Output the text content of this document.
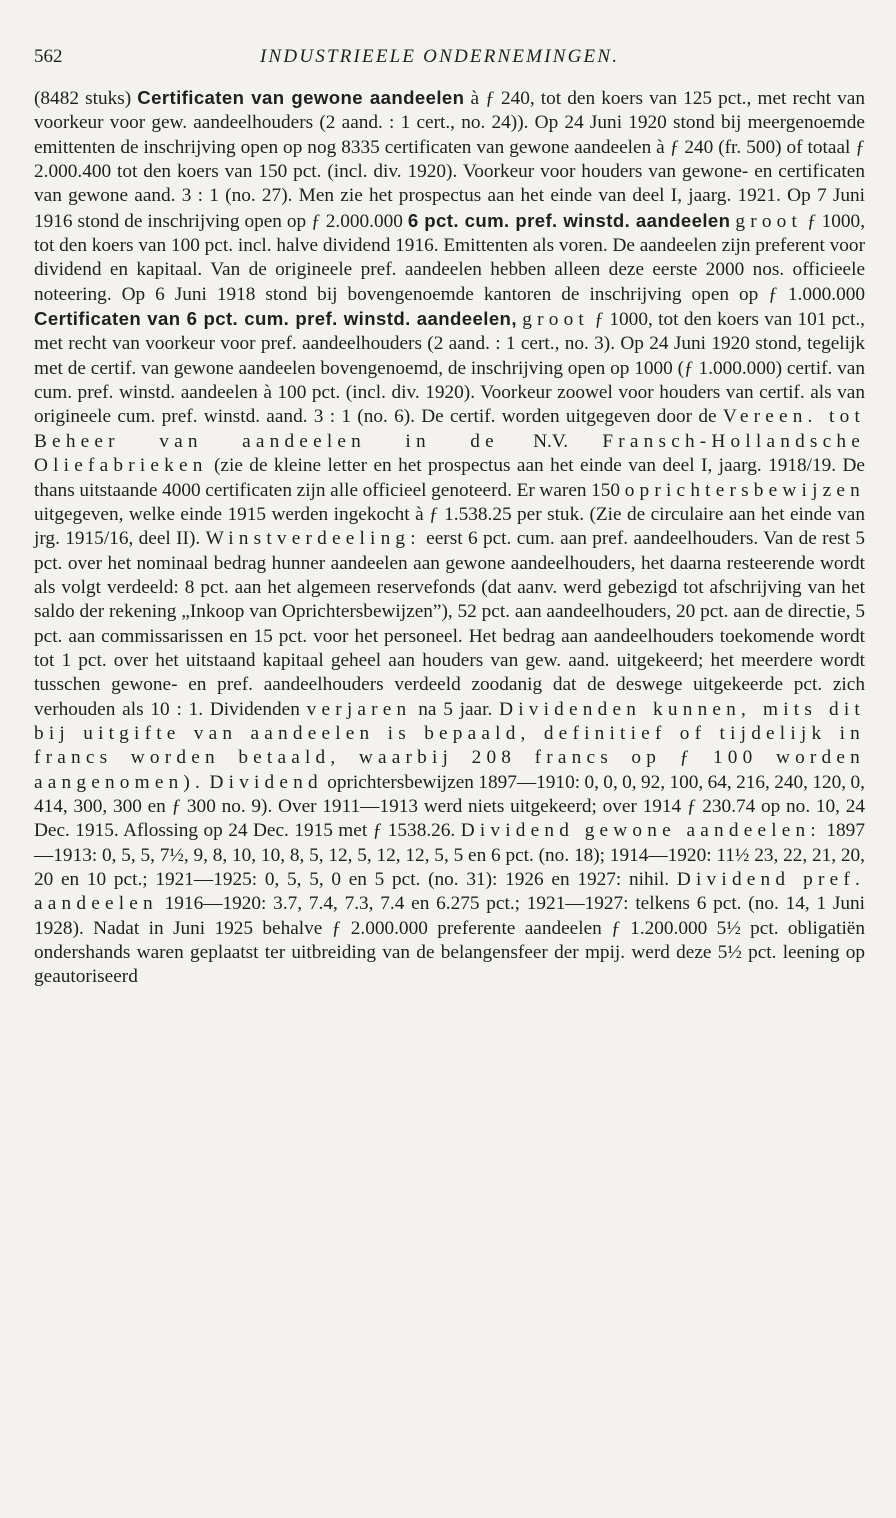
562	INDUSTRIEELE ONDERNEMINGEN.

(8482 stuks) Certificaten van gewone aandeelen à ƒ 240, tot den koers van 125 pct., met recht van voorkeur voor gew. aandeelhouders (2 aand. : 1 cert., no. 24)). Op 24 Juni 1920 stond bij meergenoemde emittenten de inschrijving open op nog 8335 certificaten van gewone aandeelen à ƒ 240 (fr. 500) of totaal ƒ 2.000.400 tot den koers van 150 pct. (incl. div. 1920). Voorkeur voor houders van gewone- en certificaten van gewone aand. 3 : 1 (no. 27). Men zie het prospectus aan het einde van deel I, jaarg. 1921. Op 7 Juni 1916 stond de inschrijving open op ƒ 2.000.000 6 pct. cum. pref. winstd. aandeelen groot ƒ 1000, tot den koers van 100 pct. incl. halve dividend 1916. Emittenten als voren. De aandeelen zijn preferent voor dividend en kapitaal. Van de origineele pref. aandeelen hebben alleen deze eerste 2000 nos. officieele noteering. Op 6 Juni 1918 stond bij bovengenoemde kantoren de inschrijving open op ƒ 1.000.000 Certificaten van 6 pct. cum. pref. winstd. aandeelen, groot ƒ 1000, tot den koers van 101 pct., met recht van voorkeur voor pref. aandeelhouders (2 aand. : 1 cert., no. 3). Op 24 Juni 1920 stond, tegelijk met de certif. van gewone aandeelen bovengenoemd, de inschrijving open op 1000 (ƒ 1.000.000) certif. van cum. pref. winstd. aandeelen à 100 pct. (incl. div. 1920). Voorkeur zoowel voor houders van certif. als van origineele cum. pref. winstd. aand. 3 : 1 (no. 6). De certif. worden uitgegeven door de Vereen. tot Beheer van aandeelen in de N.V. Fransch-Hollandsche Oliefabrieken (zie de kleine letter en het prospectus aan het einde van deel I, jaarg. 1918/19. De thans uitstaande 4000 certificaten zijn alle officieel genoteerd. Er waren 150 oprichtersbewijzen uitgegeven, welke einde 1915 werden ingekocht à ƒ 1.538.25 per stuk. (Zie de circulaire aan het einde van jrg. 1915/16, deel II). Winstverdeeling: eerst 6 pct. cum. aan pref. aandeelhouders. Van de rest 5 pct. over het nominaal bedrag hunner aandeelen aan gewone aandeelhouders, het daarna resteerende wordt als volgt verdeeld: 8 pct. aan het algemeen reservefonds (dat aanv. werd gebezigd tot afschrijving van het saldo der rekening „Inkoop van Oprichtersbewijzen”), 52 pct. aan aandeelhouders, 20 pct. aan de directie, 5 pct. aan commissarissen en 15 pct. voor het personeel. Het bedrag aan aandeelhouders toekomende wordt tot 1 pct. over het uitstaand kapitaal geheel aan houders van gew. aand. uitgekeerd; het meerdere wordt tusschen gewone- en pref. aandeelhouders verdeeld zoodanig dat de deswege uitgekeerde pct. zich verhouden als 10 : 1. Dividenden verjaren na 5 jaar. Dividenden kunnen, mits dit bij uitgifte van aandeelen is bepaald, definitief of tijdelijk in francs worden betaald, waarbij 208 francs op ƒ 100 worden aangenomen). Dividend oprichtersbewijzen 1897—1910: 0, 0, 0, 92, 100, 64, 216, 240, 120, 0, 414, 300, 300 en ƒ 300 no. 9). Over 1911—1913 werd niets uitgekeerd; over 1914 ƒ 230.74 op no. 10, 24 Dec. 1915. Aflossing op 24 Dec. 1915 met ƒ 1538.26. Dividend gewone aandeelen: 1897—1913: 0, 5, 5, 7½, 9, 8, 10, 10, 8, 5, 12, 5, 12, 12, 5, 5 en 6 pct. (no. 18); 1914—1920: 11½ 23, 22, 21, 20, 20 en 10 pct.; 1921—1925: 0, 5, 5, 0 en 5 pct. (no. 31): 1926 en 1927: nihil. Dividend pref. aandeelen 1916—1920: 3.7, 7.4, 7.3, 7.4 en 6.275 pct.; 1921—1927: telkens 6 pct. (no. 14, 1 Juni 1928). Nadat in Juni 1925 behalve ƒ 2.000.000 preferente aandeelen ƒ 1.200.000 5½ pct. obligatiën ondershands waren geplaatst ter uitbreiding van de belangensfeer der mpij. werd deze 5½ pct. leening op geautoriseerd
